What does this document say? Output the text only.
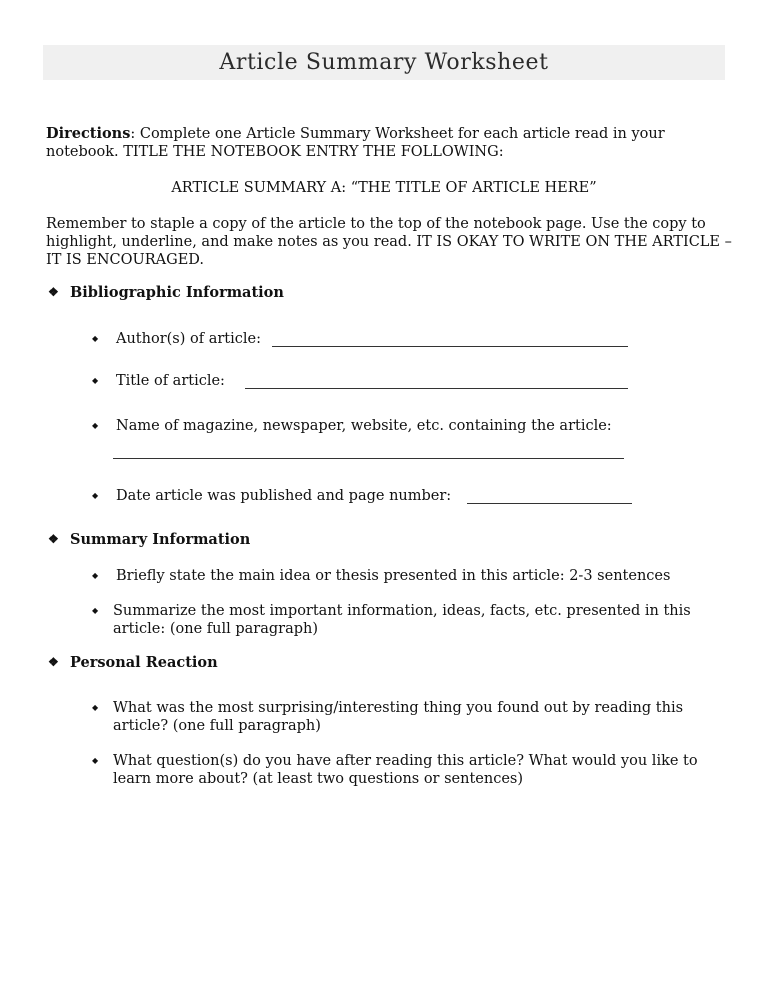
Article Summary Worksheet
Directions: Complete one Article Summary Worksheet for each article read in your notebook. TITLE THE NOTEBOOK ENTRY THE FOLLOWING:
ARTICLE SUMMARY A: “THE TITLE OF ARTICLE HERE”
Remember to staple a copy of the article to the top of the notebook page. Use the copy to highlight, underline, and make notes as you read. IT IS OKAY TO WRITE ON THE ARTICLE – IT IS ENCOURAGED.
❖ Bibliographic Information
◆ Author(s) of article:
◆ Title of article:
◆ Name of magazine, newspaper, website, etc. containing the article:
◆ Date article was published and page number:
❖ Summary Information
◆ Briefly state the main idea or thesis presented in this article: 2-3 sentences
◆ Summarize the most important information, ideas, facts, etc. presented in this article: (one full paragraph)
❖ Personal Reaction
◆ What was the most surprising/interesting thing you found out by reading this article? (one full paragraph)
◆ What question(s) do you have after reading this article? What would you like to learn more about? (at least two questions or sentences)
